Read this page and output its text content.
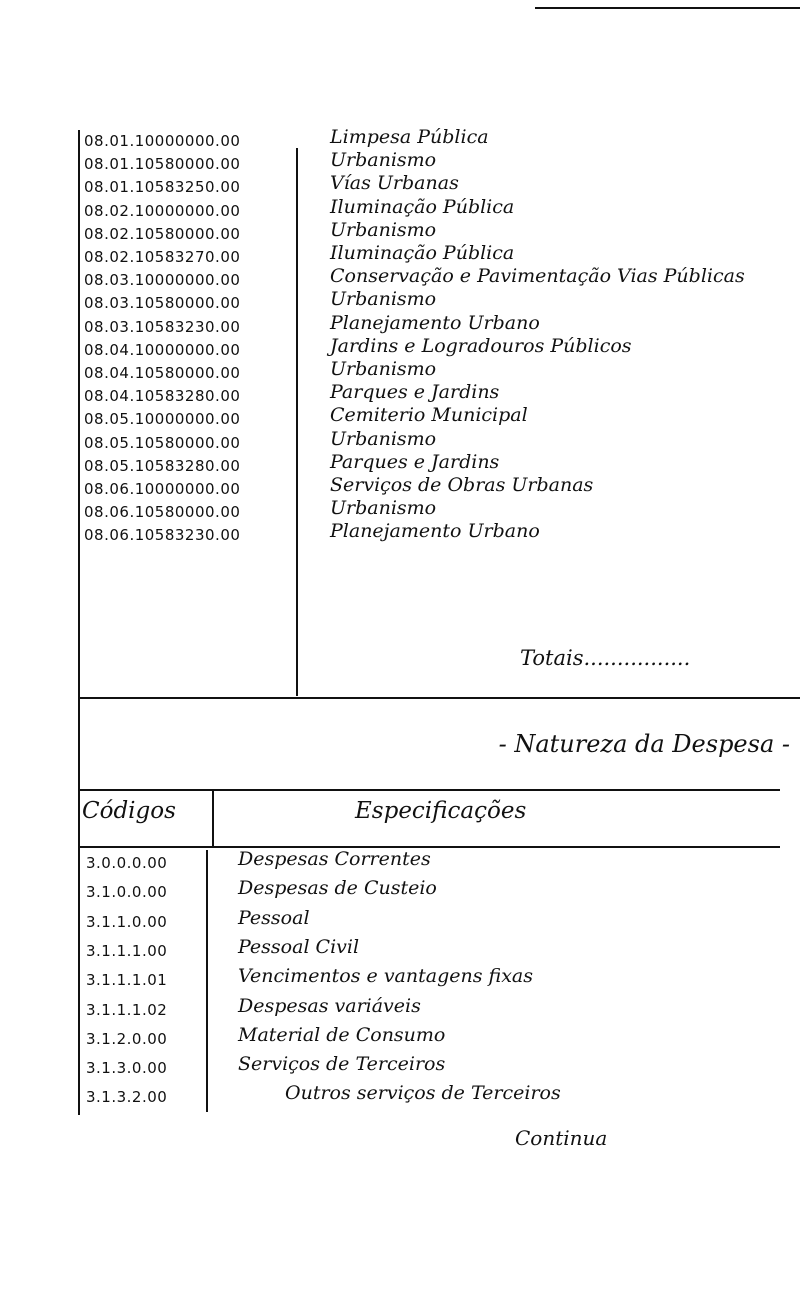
08.01.10000000.00	Limpesa Pública
08.01.10580000.00	Urbanismo
08.01.10583250.00	Vías Urbanas
08.02.10000000.00	Iluminação Pública
08.02.10580000.00	Urbanismo
08.02.10583270.00	Iluminação Pública
08.03.10000000.00	Conservação e Pavimentação Vias Públicas
08.03.10580000.00	Urbanismo
08.03.10583230.00	Planejamento Urbano
08.04.10000000.00	Jardins e Logradouros Públicos
08.04.10580000.00	Urbanismo
08.04.10583280.00	Parques e Jardins
08.05.10000000.00	Cemiterio Municipal
08.05.10580000.00	Urbanismo
08.05.10583280.00	Parques e Jardins
08.06.10000000.00	Serviços de Obras Urbanas
08.06.10580000.00	Urbanismo
08.06.10583230.00	Planejamento Urbano
Totais................
- Natureza da Despesa -
Códigos	Especificações
3.0.0.0.00	Despesas Correntes
3.1.0.0.00	Despesas de Custeio
3.1.1.0.00	Pessoal
3.1.1.1.00	Pessoal Civil
3.1.1.1.01	Vencimentos e vantagens fixas
3.1.1.1.02	Despesas variáveis
3.1.2.0.00	Material de Consumo
3.1.3.0.00	Serviços de Terceiros
3.1.3.2.00	Outros serviços de Terceiros
Continua
